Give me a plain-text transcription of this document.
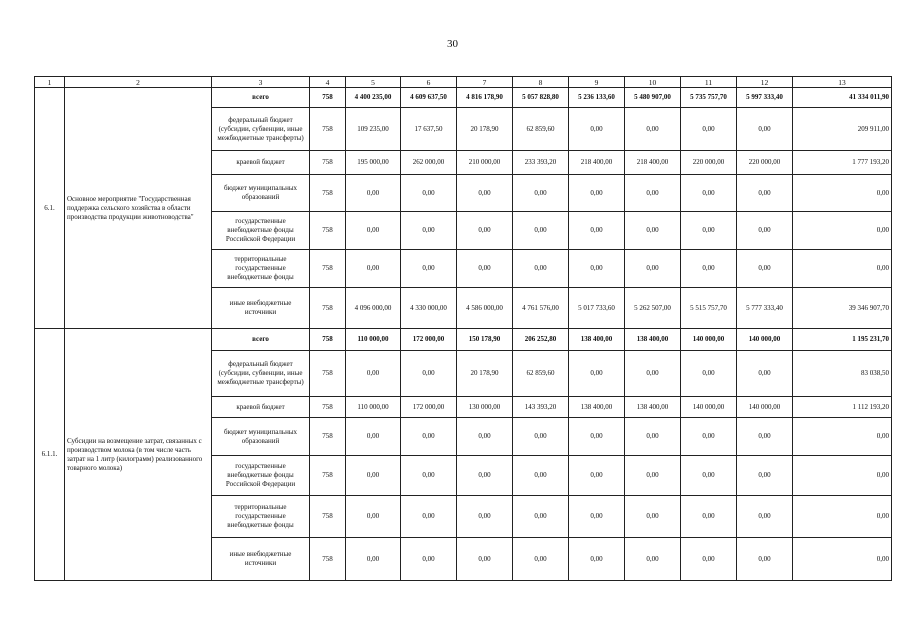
30
1	2	3	4	5	6	7	8	9	10	11	12	13
6.1.	Основное мероприятие "Государственная поддержка сельского хозяйства в области производства продукции животноводства"	всего	758	4 400 235,00	4 609 637,50	4 816 178,90	5 057 828,80	5 236 133,60	5 480 907,00	5 735 757,70	5 997 333,40	41 334 011,90
		федеральный бюджет (субсидии, субвенции, иные межбюджетные трансферты)	758	109 235,00	17 637,50	20 178,90	62 859,60	0,00	0,00	0,00	0,00	209 911,00
		краевой бюджет	758	195 000,00	262 000,00	210 000,00	233 393,20	218 400,00	218 400,00	220 000,00	220 000,00	1 777 193,20
		бюджет муниципальных образований	758	0,00	0,00	0,00	0,00	0,00	0,00	0,00	0,00	0,00
		государственные внебюджетные фонды Российской Федерации	758	0,00	0,00	0,00	0,00	0,00	0,00	0,00	0,00	0,00
		территориальные государственные внебюджетные фонды	758	0,00	0,00	0,00	0,00	0,00	0,00	0,00	0,00	0,00
		иные внебюджетные источники	758	4 096 000,00	4 330 000,00	4 586 000,00	4 761 576,00	5 017 733,60	5 262 507,00	5 515 757,70	5 777 333,40	39 346 907,70
6.1.1.	Субсидии на возмещение затрат, связанных с производством молока (в том числе часть затрат на 1 литр (килограмм) реализованного товарного молока)	всего	758	110 000,00	172 000,00	150 178,90	206 252,80	138 400,00	138 400,00	140 000,00	140 000,00	1 195 231,70
		федеральный бюджет (субсидии, субвенции, иные межбюджетные трансферты)	758	0,00	0,00	20 178,90	62 859,60	0,00	0,00	0,00	0,00	83 038,50
		краевой бюджет	758	110 000,00	172 000,00	130 000,00	143 393,20	138 400,00	138 400,00	140 000,00	140 000,00	1 112 193,20
		бюджет муниципальных образований	758	0,00	0,00	0,00	0,00	0,00	0,00	0,00	0,00	0,00
		государственные внебюджетные фонды Российской Федерации	758	0,00	0,00	0,00	0,00	0,00	0,00	0,00	0,00	0,00
		территориальные государственные внебюджетные фонды	758	0,00	0,00	0,00	0,00	0,00	0,00	0,00	0,00	0,00
		иные внебюджетные источники	758	0,00	0,00	0,00	0,00	0,00	0,00	0,00	0,00	0,00
